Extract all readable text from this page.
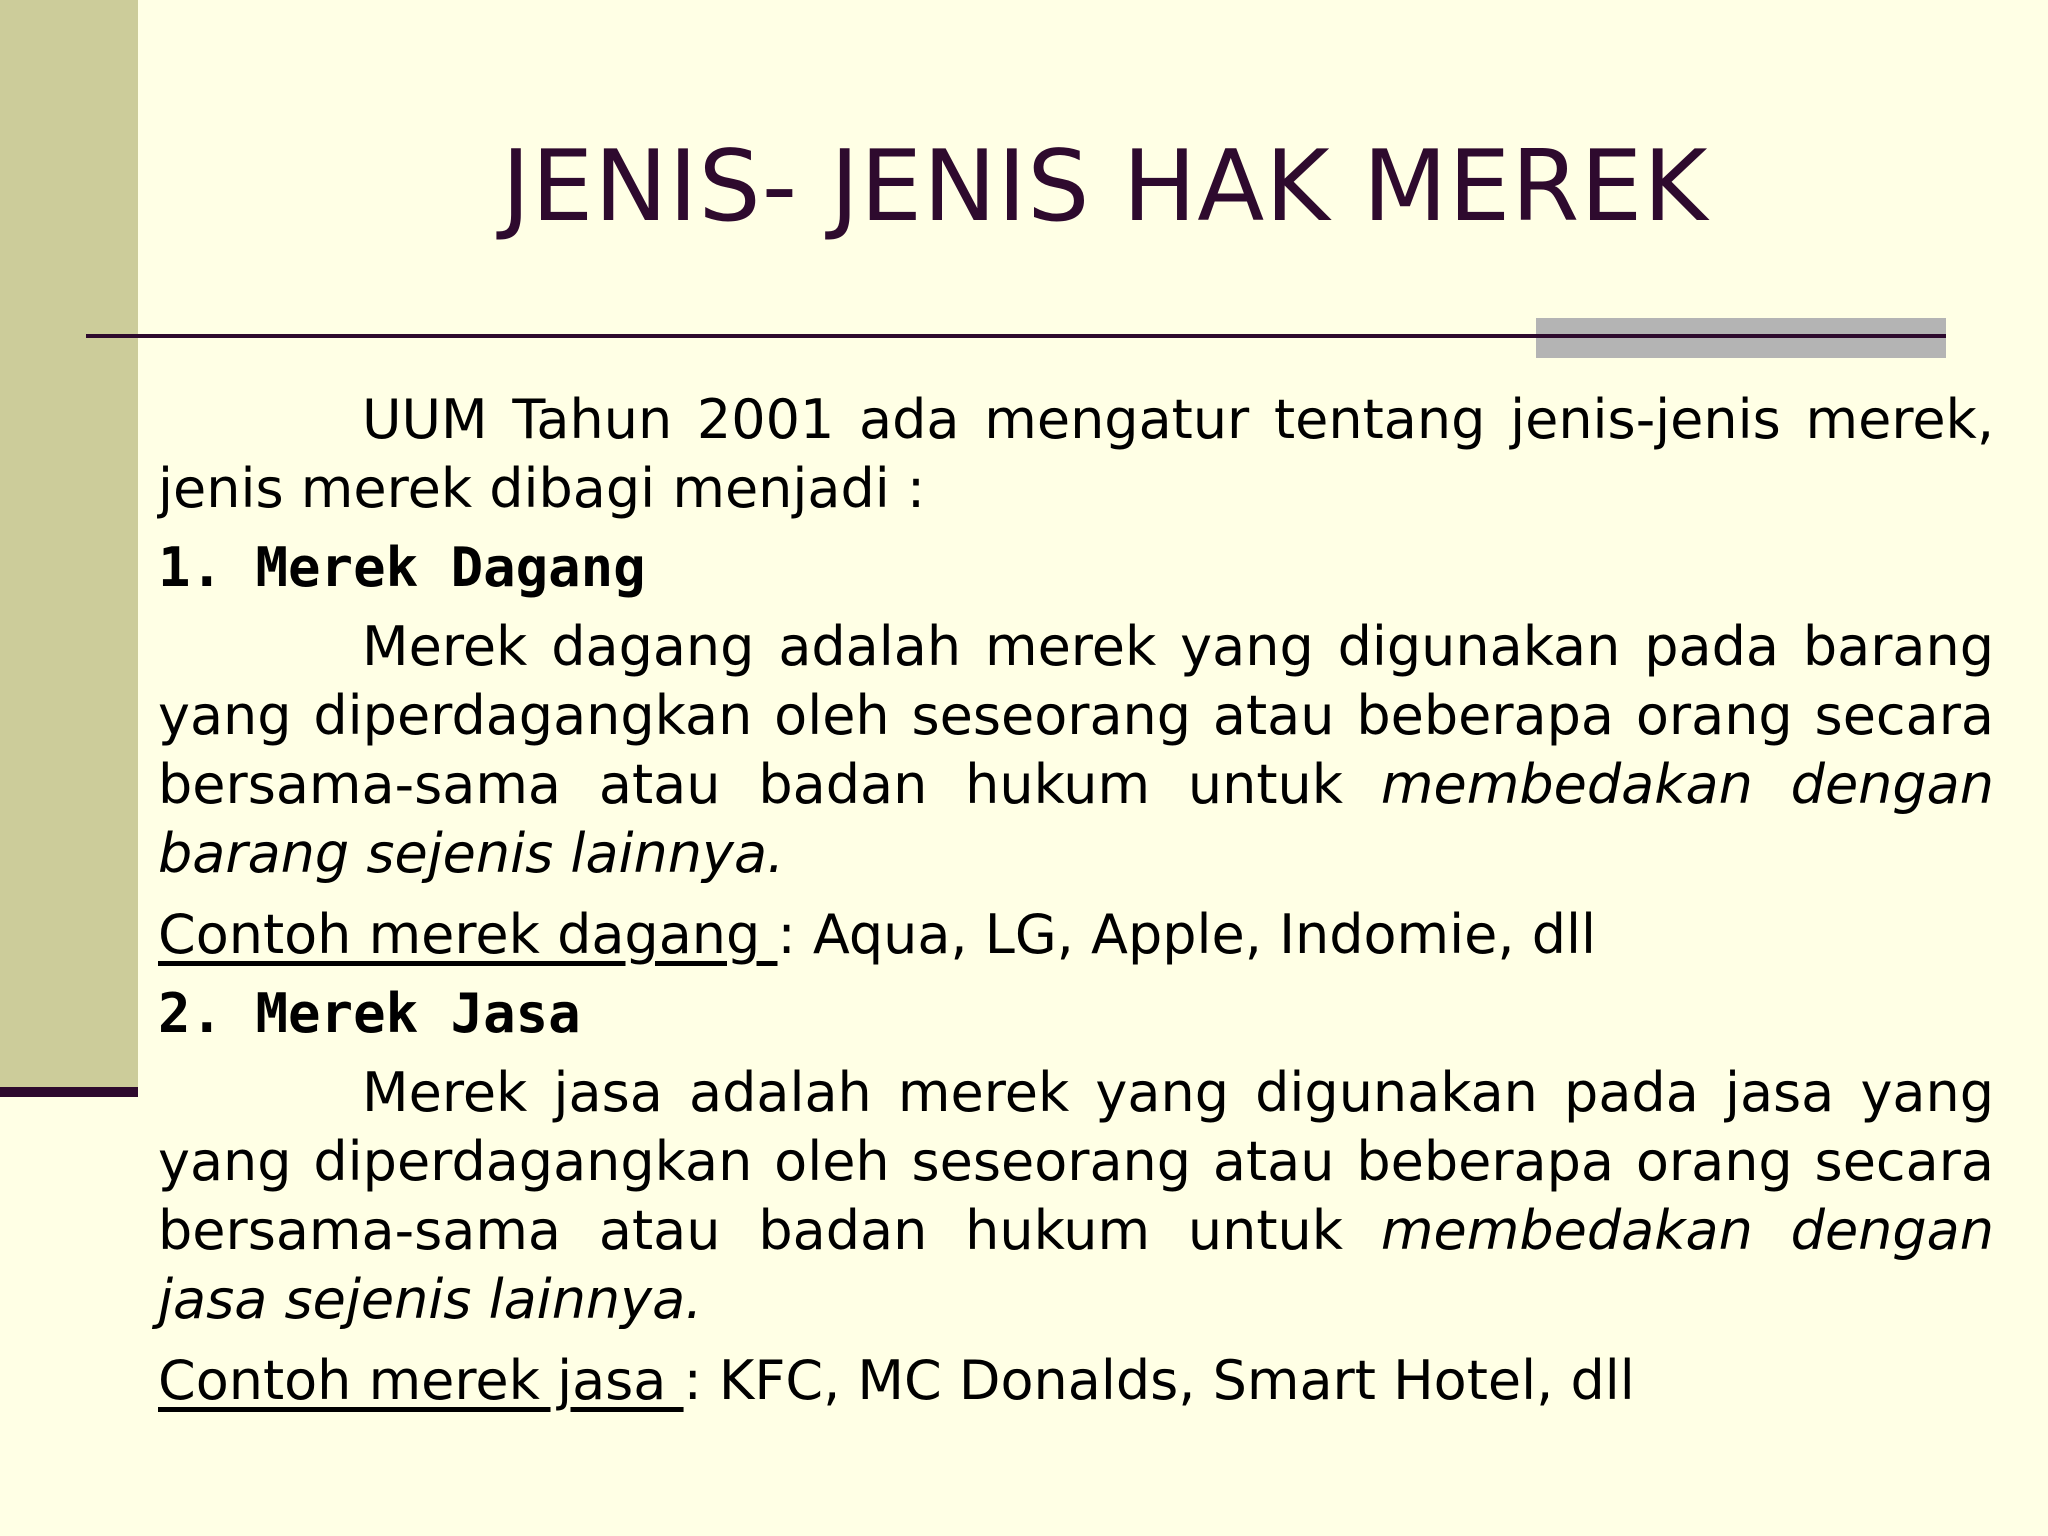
JENIS- JENIS HAK MEREK

UUM Tahun 2001 ada mengatur tentang jenis-jenis merek, jenis merek dibagi menjadi :

1. Merek Dagang

Merek dagang adalah merek yang digunakan pada barang yang diperdagangkan oleh seseorang atau beberapa orang secara bersama-sama atau badan hukum untuk membedakan dengan barang sejenis lainnya.

Contoh merek dagang : Aqua, LG, Apple, Indomie, dll

2. Merek Jasa

Merek jasa adalah merek yang digunakan pada jasa yang yang diperdagangkan oleh seseorang atau beberapa orang secara bersama-sama atau badan hukum untuk membedakan dengan jasa sejenis lainnya.

Contoh merek jasa : KFC, MC Donalds, Smart Hotel, dll
